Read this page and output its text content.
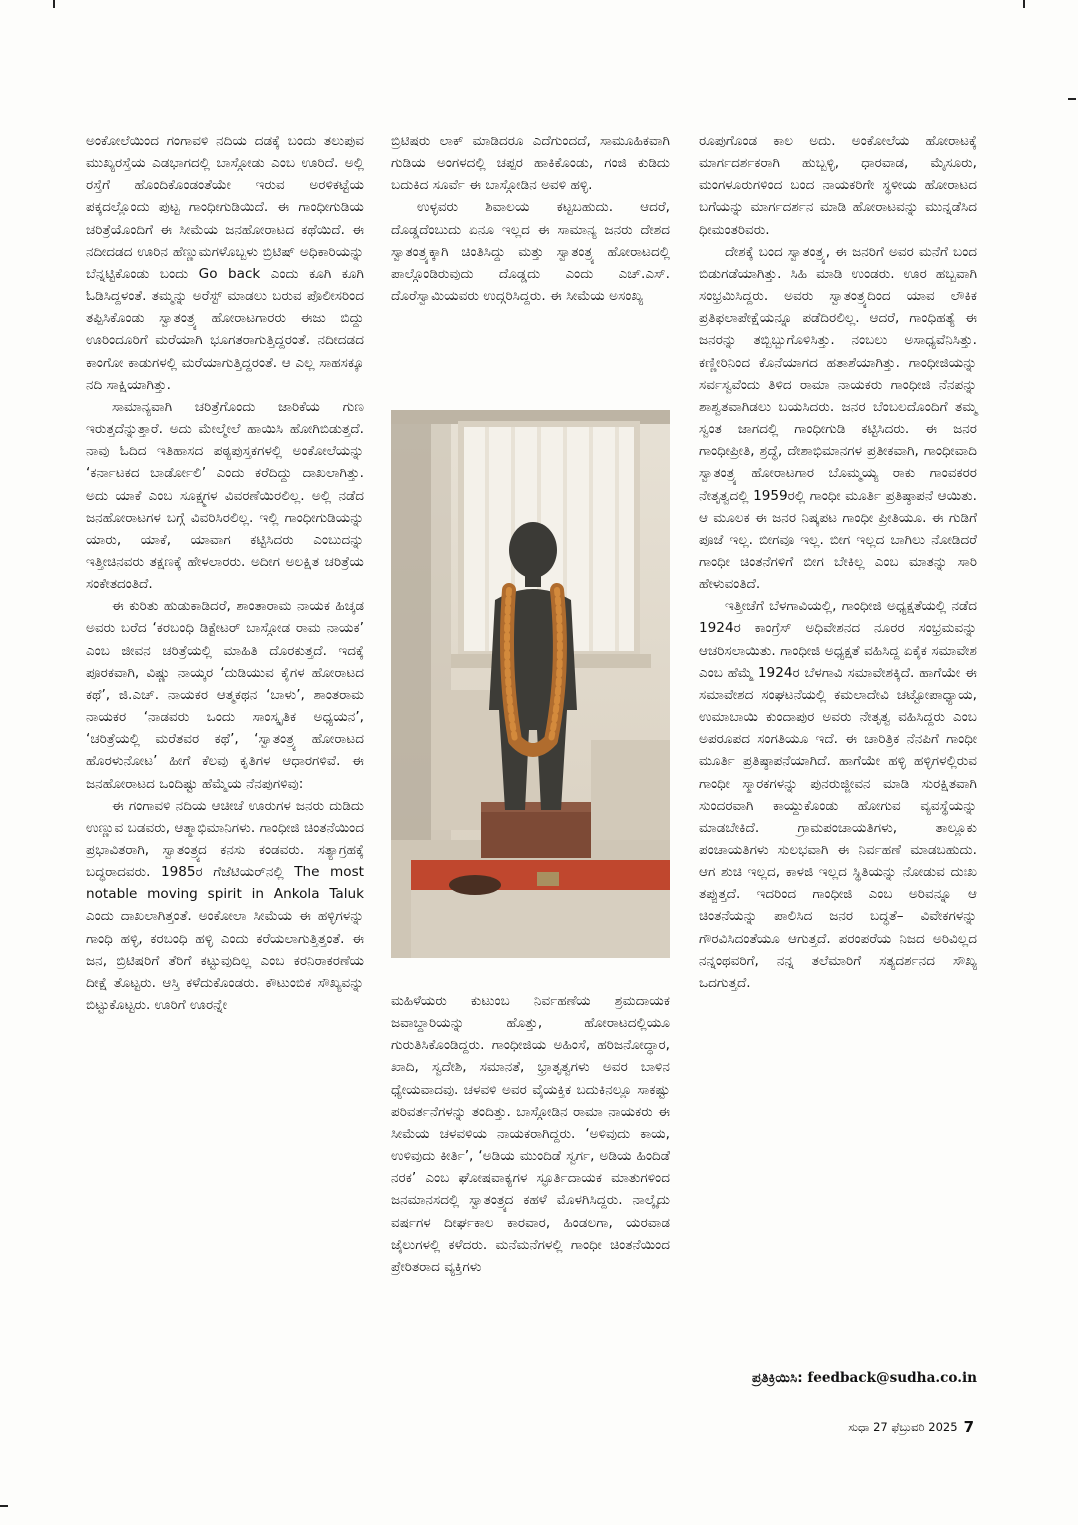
ಅಂಕೋಲೆಯಿಂದ ಗಂಗಾವಳಿ ನದಿಯ ದಡಕ್ಕೆ ಬಂದು ತಲುಪುವ ಮುಖ್ಯರಸ್ತೆಯ ಎಡಭಾಗದಲ್ಲಿ ಬಾಸ್ಗೋಡು ಎಂಬ ಊರಿದೆ. ಅಲ್ಲಿ ರಸ್ತೆಗೆ ಹೊಂದಿಕೊಂಡಂತೆಯೇ ಇರುವ ಅರಳಿಕಟ್ಟೆಯ ಪಕ್ಕದಲ್ಲೊಂದು ಪುಟ್ಟ ಗಾಂಧೀಗುಡಿಯಿದೆ. ಈ ಗಾಂಧೀಗುಡಿಯ ಚರಿತ್ರೆಯೊಂದಿಗೆ ಈ ಸೀಮೆಯ ಜನಹೋರಾಟದ ಕಥೆಯಿದೆ. ಈ ನದೀದಡದ ಊರಿನ ಹೆಣ್ಣುಮಗಳೊಬ್ಬಳು ಬ್ರಿಟಿಷ್ ಅಧಿಕಾರಿಯನ್ನು ಬೆನ್ನಟ್ಟಿಕೊಂಡು ಬಂದು Go back ಎಂದು ಕೂಗಿ ಕೂಗಿ ಓಡಿಸಿದ್ದಳಂತೆ. ತಮ್ಮನ್ನು ಅರೆಸ್ಟ್ ಮಾಡಲು ಬರುವ ಪೊಲೀಸರಿಂದ ತಪ್ಪಿಸಿಕೊಂಡು ಸ್ವಾತಂತ್ರ್ಯ ಹೋರಾಟಗಾರರು ಈಜು ಬಿದ್ದು ಊರಿಂದೂರಿಗೆ ಮರೆಯಾಗಿ ಭೂಗತರಾಗುತ್ತಿದ್ದರಂತೆ. ನದೀದಡದ ಕಾಂಗೋ ಕಾಡುಗಳಲ್ಲಿ ಮರೆಯಾಗುತ್ತಿದ್ದರಂತೆ. ಆ ಎಲ್ಲ ಸಾಹಸಕ್ಕೂ ನದಿ ಸಾಕ್ಷಿಯಾಗಿತ್ತು.

ಸಾಮಾನ್ಯವಾಗಿ ಚರಿತ್ರೆಗೊಂದು ಜಾರಿಕೆಯ ಗುಣ ಇರುತ್ತದೆನ್ನುತ್ತಾರೆ. ಅದು ಮೇಲ್ಮೇಲೆ ಹಾಯಿಸಿ ಹೋಗಿಬಿಡುತ್ತದೆ. ನಾವು ಓದಿದ ಇತಿಹಾಸದ ಪಠ್ಯಪುಸ್ತಕಗಳಲ್ಲಿ ಅಂಕೋಲೆಯನ್ನು ‘ಕರ್ನಾಟಕದ ಬಾರ್ಡೋಲಿ’ ಎಂದು ಕರೆದಿದ್ದು ದಾಖಲಾಗಿತ್ತು. ಅದು ಯಾಕೆ ಎಂಬ ಸೂಕ್ಷ್ಮಗಳ ವಿವರಣೆಯಿರಲಿಲ್ಲ. ಅಲ್ಲಿ ನಡೆದ ಜನಹೋರಾಟಗಳ ಬಗ್ಗೆ ವಿವರಿಸಿರಲಿಲ್ಲ. ಇಲ್ಲಿ ಗಾಂಧೀಗುಡಿಯನ್ನು ಯಾರು, ಯಾಕೆ, ಯಾವಾಗ ಕಟ್ಟಿಸಿದರು ಎಂಬುದನ್ನು ಇತ್ತೀಚಿನವರು ತಕ್ಷಣಕ್ಕೆ ಹೇಳಲಾರರು. ಅದೀಗ ಅಲಕ್ಷಿತ ಚರಿತ್ರೆಯ ಸಂಕೇತದಂತಿದೆ.

ಈ ಕುರಿತು ಹುಡುಕಾಡಿದರೆ, ಶಾಂತಾರಾಮ ನಾಯಕ ಹಿಚ್ಕಡ ಅವರು ಬರೆದ ‘ಕರಬಂಧಿ ಡಿಕ್ಟೇಟರ್ ಬಾಸ್ಗೋಡ ರಾಮ ನಾಯಕ’ ಎಂಬ ಜೀವನ ಚರಿತ್ರೆಯಲ್ಲಿ ಮಾಹಿತಿ ದೊರಕುತ್ತದೆ. ಇದಕ್ಕೆ ಪೂರಕವಾಗಿ, ವಿಷ್ಣು ನಾಯ್ಕರ ‘ದುಡಿಯುವ ಕೈಗಳ ಹೋರಾಟದ ಕಥೆ’, ಜಿ.ಎಚ್. ನಾಯಕರ ಆತ್ಮಕಥನ ‘ಬಾಳು’, ಶಾಂತರಾಮ ನಾಯಕರ ‘ನಾಡವರು ಒಂದು ಸಾಂಸ್ಕೃತಿಕ ಅಧ್ಯಯನ’, ‘ಚರಿತ್ರೆಯಲ್ಲಿ ಮರೆತವರ ಕಥೆ’, ‘ಸ್ವಾತಂತ್ರ್ಯ ಹೋರಾಟದ ಹೊರಳುನೋಟ’ ಹೀಗೆ ಕೆಲವು ಕೃತಿಗಳ ಆಧಾರಗಳಿವೆ. ಈ ಜನಹೋರಾಟದ ಒಂದಿಷ್ಟು ಹೆಮ್ಮೆಯ ನೆನಪುಗಳಿವು:

ಈ ಗಂಗಾವಳಿ ನದಿಯ ಆಚೀಚೆ ಊರುಗಳ ಜನರು ದುಡಿದು ಉಣ್ಣುವ ಬಡವರು, ಆತ್ಮಾಭಿಮಾನಿಗಳು. ಗಾಂಧೀಜಿ ಚಿಂತನೆಯಿಂದ ಪ್ರಭಾವಿತರಾಗಿ, ಸ್ವಾತಂತ್ರ್ಯದ ಕನಸು ಕಂಡವರು. ಸತ್ಯಾಗ್ರಹಕ್ಕೆ ಬದ್ಧರಾದವರು. 1985ರ ಗೆಜೆಟಿಯರ್‌ನಲ್ಲಿ The most notable moving spirit in Ankola Taluk ಎಂದು ದಾಖಲಾಗಿತ್ತಂತೆ. ಅಂಕೋಲಾ ಸೀಮೆಯ ಈ ಹಳ್ಳಿಗಳನ್ನು ಗಾಂಧಿ ಹಳ್ಳಿ, ಕರಬಂಧಿ ಹಳ್ಳಿ ಎಂದು ಕರೆಯಲಾಗುತ್ತಿತ್ತಂತೆ. ಈ ಜನ, ಬ್ರಿಟಿಷರಿಗೆ ತೆರಿಗೆ ಕಟ್ಟುವುದಿಲ್ಲ ಎಂಬ ಕರನಿರಾಕರಣೆಯ ದೀಕ್ಷೆ ತೊಟ್ಟರು. ಆಸ್ತಿ ಕಳೆದುಕೊಂಡರು. ಕೌಟುಂಬಿಕ ಸೌಖ್ಯವನ್ನು ಬಿಟ್ಟುಕೊಟ್ಟರು. ಊರಿಗೆ ಊರನ್ನೇ

ಬ್ರಿಟಿಷರು ಲಾಕ್ ಮಾಡಿದರೂ ಎದೆಗುಂದದೆ, ಸಾಮೂಹಿಕವಾಗಿ ಗುಡಿಯ ಅಂಗಳದಲ್ಲಿ ಚಪ್ಪರ ಹಾಕಿಕೊಂಡು, ಗಂಜಿ ಕುಡಿದು ಬದುಕಿದ ಸೂರ್ವೆ ಈ ಬಾಸ್ಗೋಡಿನ ಅವಳಿ ಹಳ್ಳಿ.

ಉಳ್ಳವರು ಶಿವಾಲಯ ಕಟ್ಟಬಹುದು. ಆದರೆ, ದೊಡ್ಡದೆಂಬುದು ಏನೂ ಇಲ್ಲದ ಈ ಸಾಮಾನ್ಯ ಜನರು ದೇಶದ ಸ್ವಾತಂತ್ರ್ಯಕ್ಕಾಗಿ ಚಿಂತಿಸಿದ್ದು ಮತ್ತು ಸ್ವಾತಂತ್ರ್ಯ ಹೋರಾಟದಲ್ಲಿ ಪಾಲ್ಗೊಂಡಿರುವುದು ದೊಡ್ಡದು ಎಂದು ಎಚ್.ಎಸ್. ದೊರೆಸ್ವಾಮಿಯವರು ಉದ್ಗರಿಸಿದ್ದರು. ಈ ಸೀಮೆಯ ಅಸಂಖ್ಯ

ಮಹಿಳೆಯರು ಕುಟುಂಬ ನಿರ್ವಹಣೆಯ ಶ್ರಮದಾಯಕ ಜವಾಬ್ದಾರಿಯನ್ನು ಹೊತ್ತು, ಹೋರಾಟದಲ್ಲಿಯೂ ಗುರುತಿಸಿಕೊಂಡಿದ್ದರು. ಗಾಂಧೀಜಿಯ ಅಹಿಂಸೆ, ಹರಿಜನೋದ್ಧಾರ, ಖಾದಿ, ಸ್ವದೇಶಿ, ಸಮಾನತೆ, ಭ್ರಾತೃತ್ವಗಳು ಅವರ ಬಾಳಿನ ಧ್ಯೇಯವಾದವು. ಚಳವಳಿ ಅವರ ವೈಯಕ್ತಿಕ ಬದುಕಿನಲ್ಲೂ ಸಾಕಷ್ಟು ಪರಿವರ್ತನೆಗಳನ್ನು ತಂದಿತ್ತು. ಬಾಸ್ಗೋಡಿನ ರಾಮಾ ನಾಯಕರು ಈ ಸೀಮೆಯ ಚಳವಳಿಯ ನಾಯಕರಾಗಿದ್ದರು. ‘ಅಳಿವುದು ಕಾಯ, ಉಳಿವುದು ಕೀರ್ತಿ’, ‘ಅಡಿಯ ಮುಂದಿಡೆ ಸ್ವರ್ಗ, ಅಡಿಯ ಹಿಂದಿಡೆ ನರಕ’ ಎಂಬ ಘೋಷವಾಕ್ಯಗಳ ಸ್ಫೂರ್ತಿದಾಯಕ ಮಾತುಗಳಿಂದ ಜನಮಾನಸದಲ್ಲಿ ಸ್ವಾತಂತ್ರ್ಯದ ಕಹಳೆ ಮೊಳಗಿಸಿದ್ದರು. ನಾಲ್ಕೈದು ವರ್ಷಗಳ ದೀರ್ಘಕಾಲ ಕಾರವಾರ, ಹಿಂಡಲಗಾ, ಯರವಾಡ ಜೈಲುಗಳಲ್ಲಿ ಕಳೆದರು. ಮನೆಮನೆಗಳಲ್ಲಿ ಗಾಂಧೀ ಚಿಂತನೆಯಿಂದ ಪ್ರೇರಿತರಾದ ವ್ಯಕ್ತಿಗಳು

ರೂಪುಗೊಂಡ ಕಾಲ ಅದು. ಅಂಕೋಲೆಯ ಹೋರಾಟಕ್ಕೆ ಮಾರ್ಗದರ್ಶಕರಾಗಿ ಹುಬ್ಬಳ್ಳಿ, ಧಾರವಾಡ, ಮೈಸೂರು, ಮಂಗಳೂರುಗಳಿಂದ ಬಂದ ನಾಯಕರಿಗೇ ಸ್ಥಳೀಯ ಹೋರಾಟದ ಬಗೆಯನ್ನು ಮಾರ್ಗದರ್ಶನ ಮಾಡಿ ಹೋರಾಟವನ್ನು ಮುನ್ನಡೆಸಿದ ಧೀಮಂತರಿವರು.

ದೇಶಕ್ಕೆ ಬಂದ ಸ್ವಾತಂತ್ರ್ಯ, ಈ ಜನರಿಗೆ ಅವರ ಮನೆಗೆ ಬಂದ ಬಿಡುಗಡೆಯಾಗಿತ್ತು. ಸಿಹಿ ಮಾಡಿ ಉಂಡರು. ಊರ ಹಬ್ಬವಾಗಿ ಸಂಭ್ರಮಿಸಿದ್ದರು. ಅವರು ಸ್ವಾತಂತ್ರ್ಯದಿಂದ ಯಾವ ಲೌಕಿಕ ಪ್ರತಿಫಲಾಪೇಕ್ಷೆಯನ್ನೂ ಪಡೆದಿರಲಿಲ್ಲ. ಆದರೆ, ಗಾಂಧಿಹತ್ಯೆ ಈ ಜನರನ್ನು ತಬ್ಬಿಬ್ಬುಗೊಳಿಸಿತ್ತು. ನಂಬಲು ಅಸಾಧ್ಯವೆನಿಸಿತ್ತು. ಕಣ್ಣೀರಿನಿಂದ ಕೊನೆಯಾಗದ ಹತಾಶೆಯಾಗಿತ್ತು. ಗಾಂಧೀಜಿಯನ್ನು ಸರ್ವಸ್ವವೆಂದು ತಿಳಿದ ರಾಮಾ ನಾಯಕರು ಗಾಂಧೀಜಿ ನೆನಪನ್ನು ಶಾಶ್ವತವಾಗಿಡಲು ಬಯಸಿದರು. ಜನರ ಬೆಂಬಲದೊಂದಿಗೆ ತಮ್ಮ ಸ್ವಂತ ಜಾಗದಲ್ಲಿ ಗಾಂಧೀಗುಡಿ ಕಟ್ಟಿಸಿದರು. ಈ ಜನರ ಗಾಂಧೀಪ್ರೀತಿ, ಶ್ರದ್ಧೆ, ದೇಶಾಭಿಮಾನಗಳ ಪ್ರತೀಕವಾಗಿ, ಗಾಂಧೀವಾದಿ ಸ್ವಾತಂತ್ರ್ಯ ಹೋರಾಟಗಾರ ಬೊಮ್ಮಯ್ಯ ರಾಕು ಗಾಂವಕರರ ನೇತೃತ್ವದಲ್ಲಿ 1959ರಲ್ಲಿ ಗಾಂಧೀ ಮೂರ್ತಿ ಪ್ರತಿಷ್ಠಾಪನೆ ಆಯಿತು. ಆ ಮೂಲಕ ಈ ಜನರ ನಿಷ್ಕಪಟ ಗಾಂಧೀ ಪ್ರೀತಿಯೂ. ಈ ಗುಡಿಗೆ ಪೂಜೆ ಇಲ್ಲ. ಬೀಗವೂ ಇಲ್ಲ. ಬೀಗ ಇಲ್ಲದ ಬಾಗಿಲು ನೋಡಿದರೆ ಗಾಂಧೀ ಚಿಂತನೆಗಳಿಗೆ ಬೀಗ ಬೇಕಿಲ್ಲ ಎಂಬ ಮಾತನ್ನು ಸಾರಿ ಹೇಳುವಂತಿದೆ.

ಇತ್ತೀಚೆಗೆ ಬೆಳಗಾವಿಯಲ್ಲಿ, ಗಾಂಧೀಜಿ ಅಧ್ಯಕ್ಷತೆಯಲ್ಲಿ ನಡೆದ 1924ರ ಕಾಂಗ್ರೆಸ್ ಅಧಿವೇಶನದ ನೂರರ ಸಂಭ್ರಮವನ್ನು ಆಚರಿಸಲಾಯಿತು. ಗಾಂಧೀಜಿ ಅಧ್ಯಕ್ಷತೆ ವಹಿಸಿದ್ದ ಏಕೈಕ ಸಮಾವೇಶ ಎಂಬ ಹೆಮ್ಮೆ 1924ರ ಬೆಳಗಾವಿ ಸಮಾವೇಶಕ್ಕಿದೆ. ಹಾಗೆಯೇ ಈ ಸಮಾವೇಶದ ಸಂಘಟನೆಯಲ್ಲಿ ಕಮಲಾದೇವಿ ಚಟ್ಟೋಪಾಧ್ಯಾಯ, ಉಮಾಬಾಯಿ ಕುಂದಾಪುರ ಅವರು ನೇತೃತ್ವ ವಹಿಸಿದ್ದರು ಎಂಬ ಅಪರೂಪದ ಸಂಗತಿಯೂ ಇದೆ. ಈ ಚಾರಿತ್ರಿಕ ನೆನಪಿಗೆ ಗಾಂಧೀ ಮೂರ್ತಿ ಪ್ರತಿಷ್ಠಾಪನೆಯಾಗಿದೆ. ಹಾಗೆಯೇ ಹಳ್ಳಿ ಹಳ್ಳಿಗಳಲ್ಲಿರುವ ಗಾಂಧೀ ಸ್ಮಾರಕಗಳನ್ನು ಪುನರುಜ್ಜೀವನ ಮಾಡಿ ಸುರಕ್ಷಿತವಾಗಿ ಸುಂದರವಾಗಿ ಕಾಯ್ದುಕೊಂಡು ಹೋಗುವ ವ್ಯವಸ್ಥೆಯನ್ನು ಮಾಡಬೇಕಿದೆ. ಗ್ರಾಮಪಂಚಾಯತಿಗಳು, ತಾಲ್ಲೂಕು ಪಂಚಾಯತಿಗಳು ಸುಲಭವಾಗಿ ಈ ನಿರ್ವಹಣೆ ಮಾಡಬಹುದು. ಆಗ ಶುಚಿ ಇಲ್ಲದ, ಕಾಳಜಿ ಇಲ್ಲದ ಸ್ಥಿತಿಯನ್ನು ನೋಡುವ ದುಃಖ ತಪ್ಪುತ್ತದೆ. ಇದರಿಂದ ಗಾಂಧೀಜಿ ಎಂಬ ಅರಿವನ್ನೂ ಆ ಚಿಂತನೆಯನ್ನು ಪಾಲಿಸಿದ ಜನರ ಬದ್ಧತೆ– ವಿವೇಕಗಳನ್ನು ಗೌರವಿಸಿದಂತೆಯೂ ಆಗುತ್ತದೆ. ಪರಂಪರೆಯ ನಿಜದ ಅರಿವಿಲ್ಲದ ನನ್ನಂಥವರಿಗೆ, ನನ್ನ ತಲೆಮಾರಿಗೆ ಸತ್ಯದರ್ಶನದ ಸೌಖ್ಯ ಒದಗುತ್ತದೆ.

ಪ್ರತಿಕ್ರಿಯಿಸಿ: feedback@sudha.co.in
ಸುಧಾ 27 ಫೆಬ್ರುವರಿ 2025 7
